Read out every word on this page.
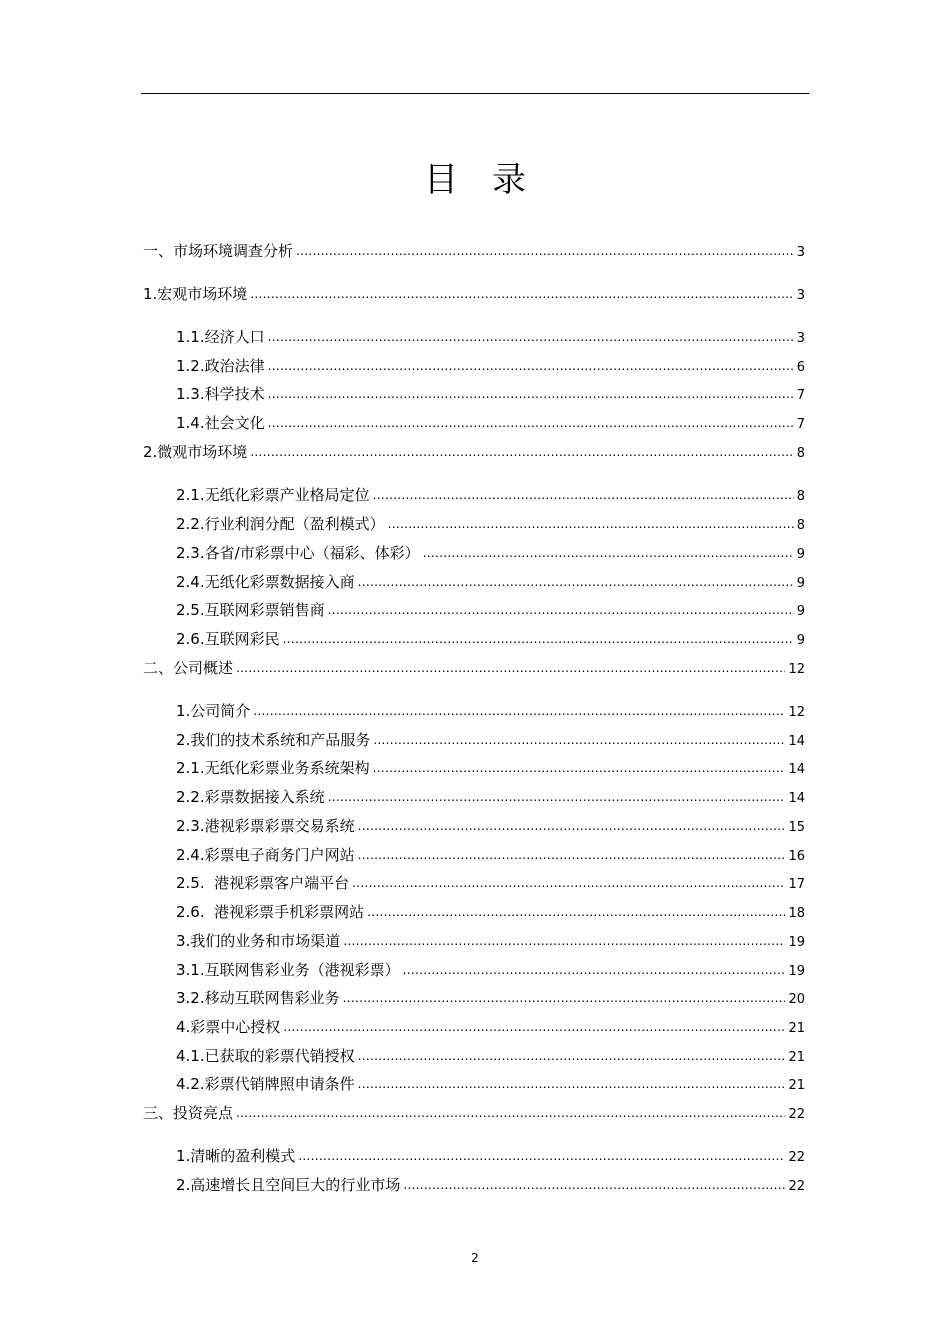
目录
一、市场环境调查分析 .....	3
1.宏观市场环境 .....	3
1.1.经济人口 .....	3
1.2.政治法律 .....	6
1.3.科学技术 .....	7
1.4.社会文化 .....	7
2.微观市场环境 .....	8
2.1.无纸化彩票产业格局定位 .....	8
2.2.行业利润分配（盈利模式） .....	8
2.3.各省/市彩票中心（福彩、体彩） .....	9
2.4.无纸化彩票数据接入商 .....	9
2.5.互联网彩票销售商 .....	9
2.6.互联网彩民 .....	9
二、公司概述 .....	12
1.公司简介 .....	12
2.我们的技术系统和产品服务 .....	14
2.1.无纸化彩票业务系统架构 .....	14
2.2.彩票数据接入系统 .....	14
2.3.港视彩票彩票交易系统 .....	15
2.4.彩票电子商务门户网站 .....	16
2.5.  港视彩票客户端平台 .....	17
2.6.  港视彩票手机彩票网站 .....	18
3.我们的业务和市场渠道 .....	19
3.1.互联网售彩业务（港视彩票） .....	19
3.2.移动互联网售彩业务 .....	20
4.彩票中心授权 .....	21
4.1.已获取的彩票代销授权 .....	21
4.2.彩票代销牌照申请条件 .....	21
三、投资亮点 .....	22
1.清晰的盈利模式 .....	22
2.高速增长且空间巨大的行业市场 .....	22
2
